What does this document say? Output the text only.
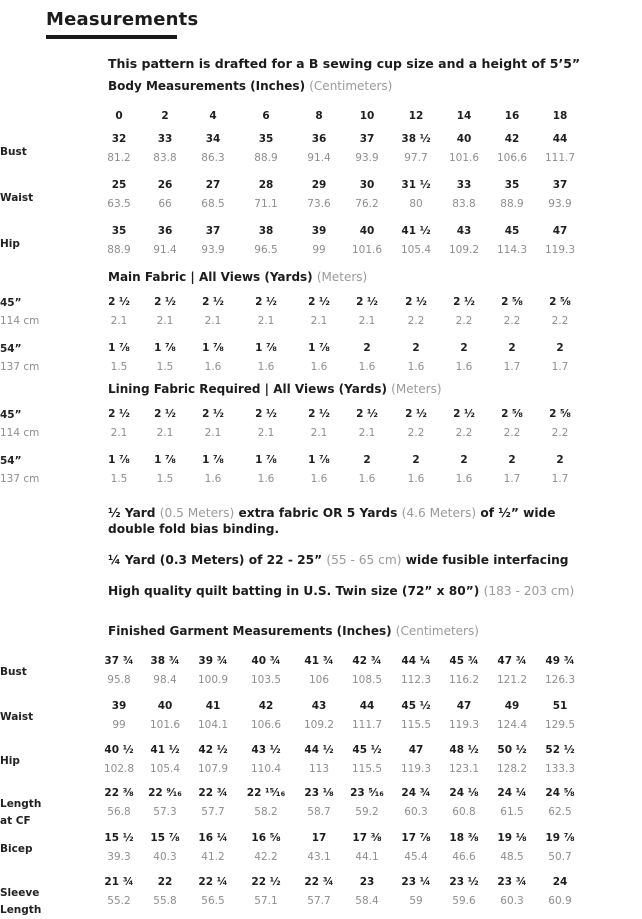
Measurements
This pattern is drafted for a B sewing cup size and a height of 5’5”
Body Measurements (Inches) (Centimeters)
0	2	4	6	8	10	12	14	16	18
Bust
32	33	34	35	36	37	38 ½	40	42	44
81.2	83.8	86.3	88.9	91.4	93.9	97.7	101.6	106.6	111.7
Waist
25	26	27	28	29	30	31 ½	33	35	37
63.5	66	68.5	71.1	73.6	76.2	80	83.8	88.9	93.9
Hip
35	36	37	38	39	40	41 ½	43	45	47
88.9	91.4	93.9	96.5	99	101.6	105.4	109.2	114.3	119.3
Main Fabric | All Views (Yards) (Meters)
45”
114 cm
2 ½	2 ½	2 ½	2 ½	2 ½	2 ½	2 ½	2 ½	2 ⅝	2 ⅝
2.1	2.1	2.1	2.1	2.1	2.1	2.2	2.2	2.2	2.2
54”
137 cm
1 ⅞	1 ⅞	1 ⅞	1 ⅞	1 ⅞	2	2	2	2	2
1.5	1.5	1.6	1.6	1.6	1.6	1.6	1.6	1.7	1.7
Lining Fabric Required | All Views (Yards) (Meters)
45”
114 cm
2 ½	2 ½	2 ½	2 ½	2 ½	2 ½	2 ½	2 ½	2 ⅝	2 ⅝
2.1	2.1	2.1	2.1	2.1	2.1	2.2	2.2	2.2	2.2
54”
137 cm
1 ⅞	1 ⅞	1 ⅞	1 ⅞	1 ⅞	2	2	2	2	2
1.5	1.5	1.6	1.6	1.6	1.6	1.6	1.6	1.7	1.7
½ Yard (0.5 Meters) extra fabric OR 5 Yards (4.6 Meters) of ½” wide
double fold bias binding.
¼ Yard (0.3 Meters) of 22 - 25” (55 - 65 cm) wide fusible interfacing
High quality quilt batting in U.S. Twin size (72” x 80”) (183 - 203 cm)
Finished Garment Measurements (Inches) (Centimeters)
Bust
37 ¾	38 ¾	39 ¾	40 ¾	41 ¾	42 ¾	44 ¼	45 ¾	47 ¾	49 ¾
95.8	98.4	100.9	103.5	106	108.5	112.3	116.2	121.2	126.3
Waist
39	40	41	42	43	44	45 ½	47	49	51
99	101.6	104.1	106.6	109.2	111.7	115.5	119.3	124.4	129.5
Hip
40 ½	41 ½	42 ½	43 ½	44 ½	45 ½	47	48 ½	50 ½	52 ½
102.8	105.4	107.9	110.4	113	115.5	119.3	123.1	128.2	133.3
Length at CF
22 ⅜	22 ⁹⁄₁₆	22 ¾	22 ¹⁵⁄₁₆	23 ⅛	23 ⁵⁄₁₆	24 ¾	24 ⅛	24 ¼	24 ⅝
56.8	57.3	57.7	58.2	58.7	59.2	60.3	60.8	61.5	62.5
Bicep
15 ½	15 ⅞	16 ¼	16 ⅝	17	17 ⅜	17 ⅞	18 ⅜	19 ⅛	19 ⅞
39.3	40.3	41.2	42.2	43.1	44.1	45.4	46.6	48.5	50.7
Sleeve Length
21 ¾	22	22 ¼	22 ½	22 ¾	23	23 ¼	23 ½	23 ¾	24
55.2	55.8	56.5	57.1	57.7	58.4	59	59.6	60.3	60.9
